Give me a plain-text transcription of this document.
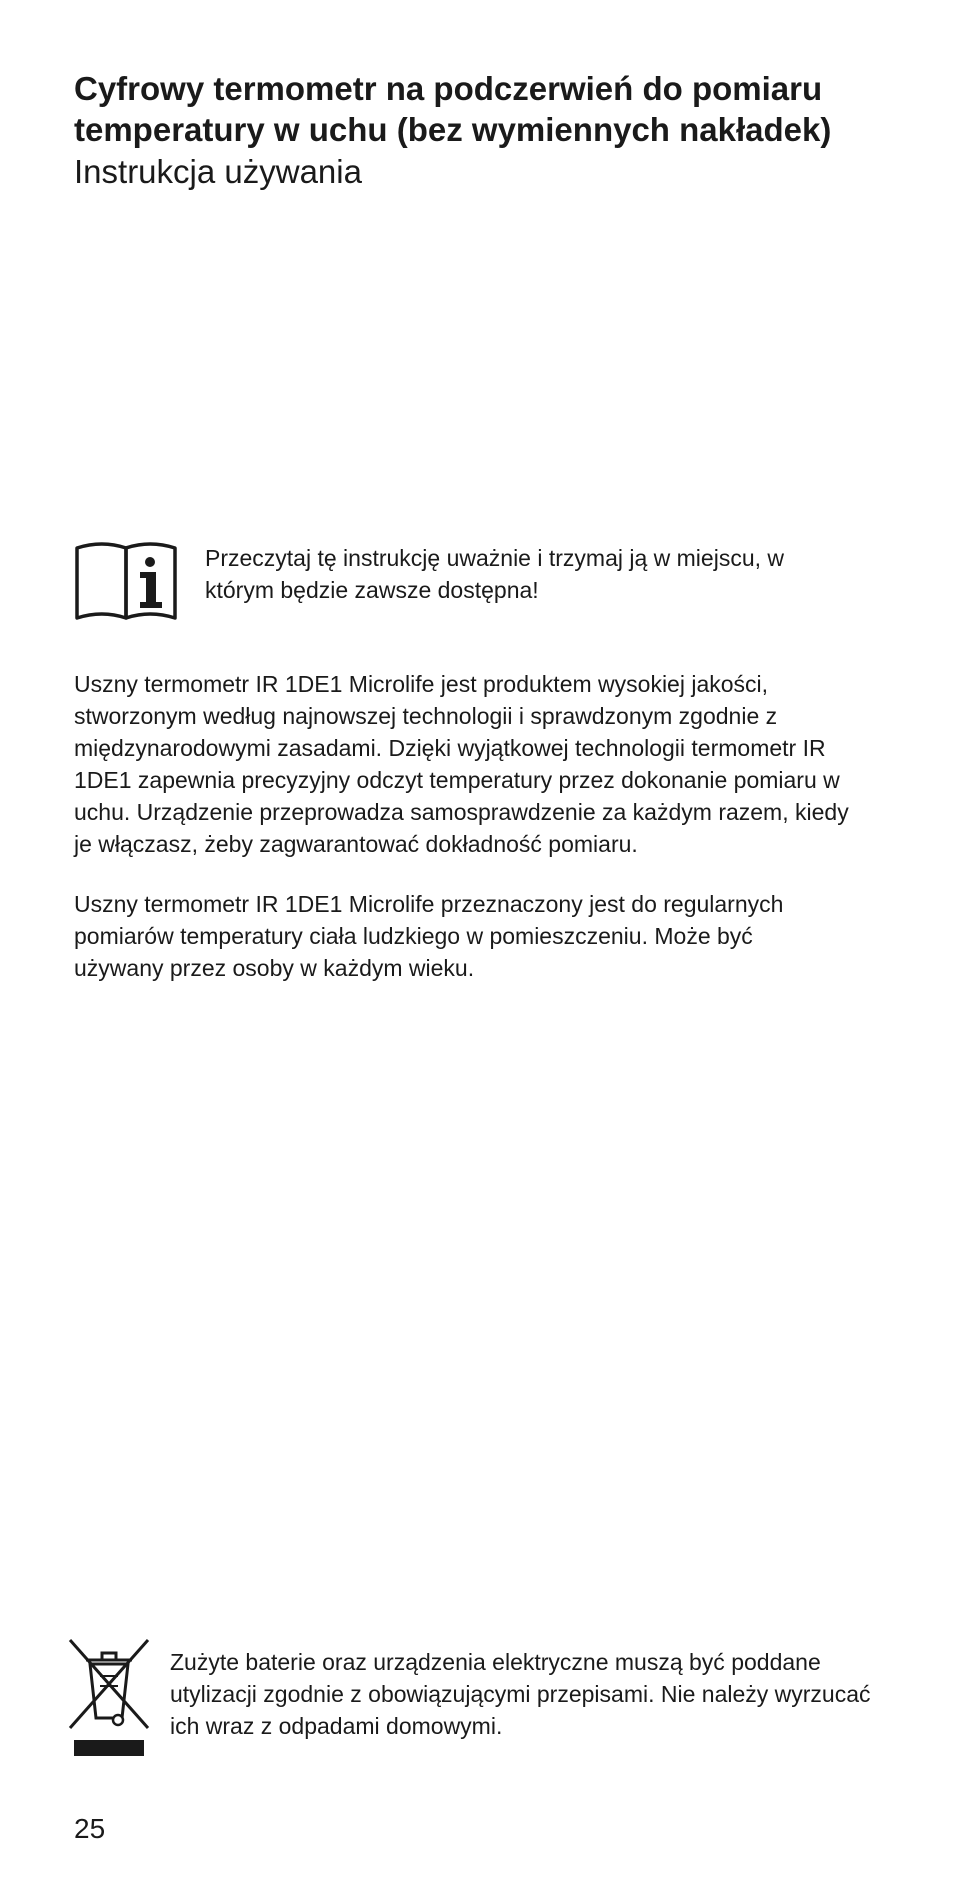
Cyfrowy termometr na podczerwień do pomiaru
temperatury w uchu (bez wymiennych nakładek)
Instrukcja używania

Przeczytaj tę instrukcję uważnie i trzymaj ją w miejscu, w
którym będzie zawsze dostępna!

Uszny termometr IR 1DE1 Microlife jest produktem wysokiej jakości,
stworzonym według najnowszej technologii i sprawdzonym zgodnie z
międzynarodowymi zasadami. Dzięki wyjątkowej technologii termometr IR
1DE1 zapewnia precyzyjny odczyt temperatury przez dokonanie pomiaru w
uchu. Urządzenie przeprowadza samosprawdzenie za każdym razem, kiedy
je włączasz, żeby zagwarantować dokładność pomiaru.

Uszny termometr IR 1DE1 Microlife przeznaczony jest do regularnych
pomiarów temperatury ciała ludzkiego w pomieszczeniu. Może być
używany przez osoby w każdym wieku.

Zużyte baterie oraz urządzenia elektryczne muszą być poddane
utylizacji zgodnie z obowiązującymi przepisami. Nie należy wyrzucać
ich wraz z odpadami domowymi.

25
